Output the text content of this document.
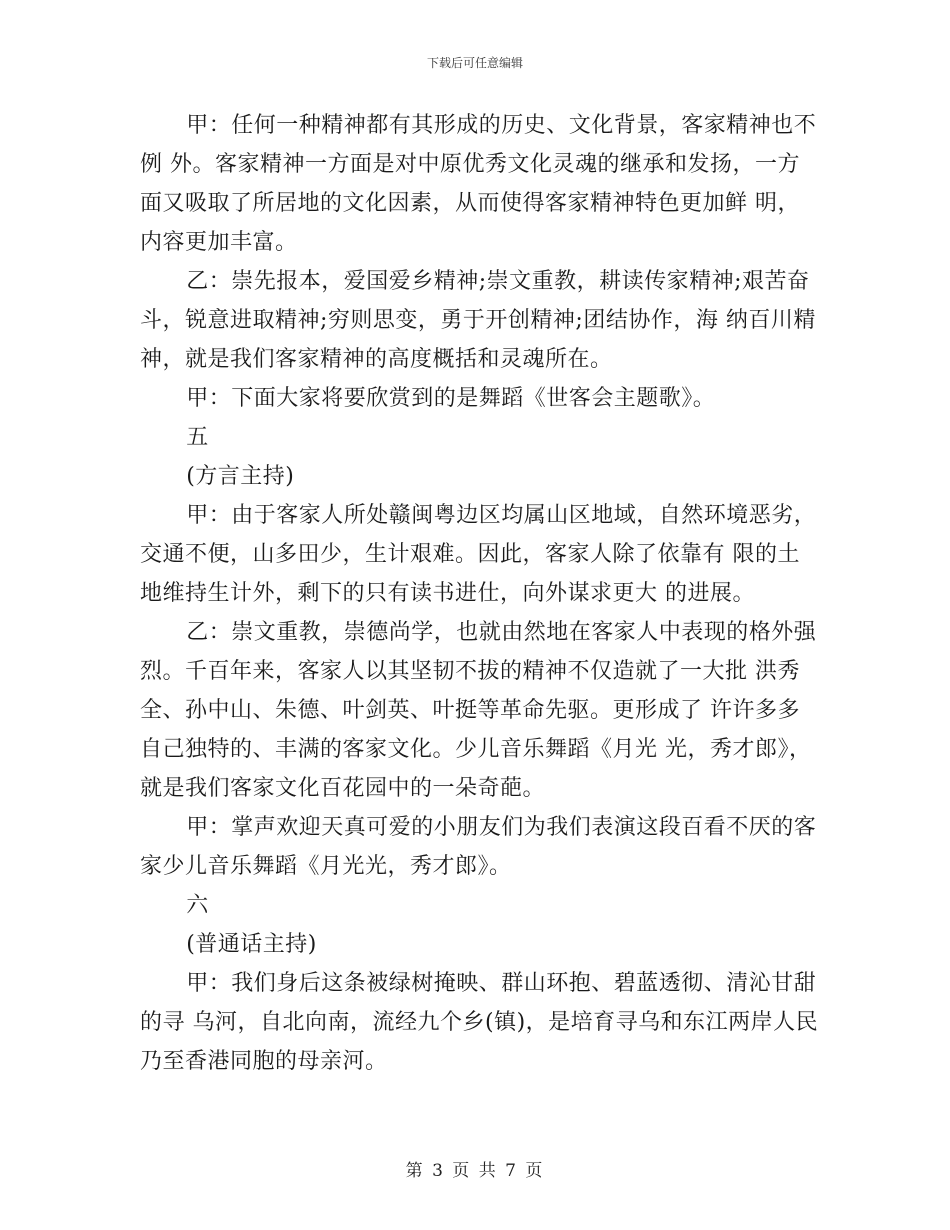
下载后可任意编辑

甲：任何一种精神都有其形成的历史、文化背景，客家精神也不例 外。客家精神一方面是对中原优秀文化灵魂的继承和发扬，一方面又吸取了所居地的文化因素，从而使得客家精神特色更加鲜 明，内容更加丰富。

乙：崇先报本，爱国爱乡精神;崇文重教，耕读传家精神;艰苦奋斗，锐意进取精神;穷则思变，勇于开创精神;团结协作，海 纳百川精神，就是我们客家精神的高度概括和灵魂所在。

甲：下面大家将要欣赏到的是舞蹈《世客会主题歌》。

五

(方言主持)

甲：由于客家人所处赣闽粤边区均属山区地域，自然环境恶劣，交通不便，山多田少，生计艰难。因此，客家人除了依靠有 限的土地维持生计外，剩下的只有读书进仕，向外谋求更大 的进展。

乙：崇文重教，崇德尚学，也就由然地在客家人中表现的格外强烈。千百年来，客家人以其坚韧不拔的精神不仅造就了一大批 洪秀全、孙中山、朱德、叶剑英、叶挺等革命先驱。更形成了 许许多多自己独特的、丰满的客家文化。少儿音乐舞蹈《月光 光，秀才郎》，就是我们客家文化百花园中的一朵奇葩。

甲：掌声欢迎天真可爱的小朋友们为我们表演这段百看不厌的客家少儿音乐舞蹈《月光光，秀才郎》。

六

(普通话主持)

甲：我们身后这条被绿树掩映、群山环抱、碧蓝透彻、清沁甘甜的寻 乌河，自北向南，流经九个乡(镇)，是培育寻乌和东江两岸人民乃至香港同胞的母亲河。

第 3 页 共 7 页
